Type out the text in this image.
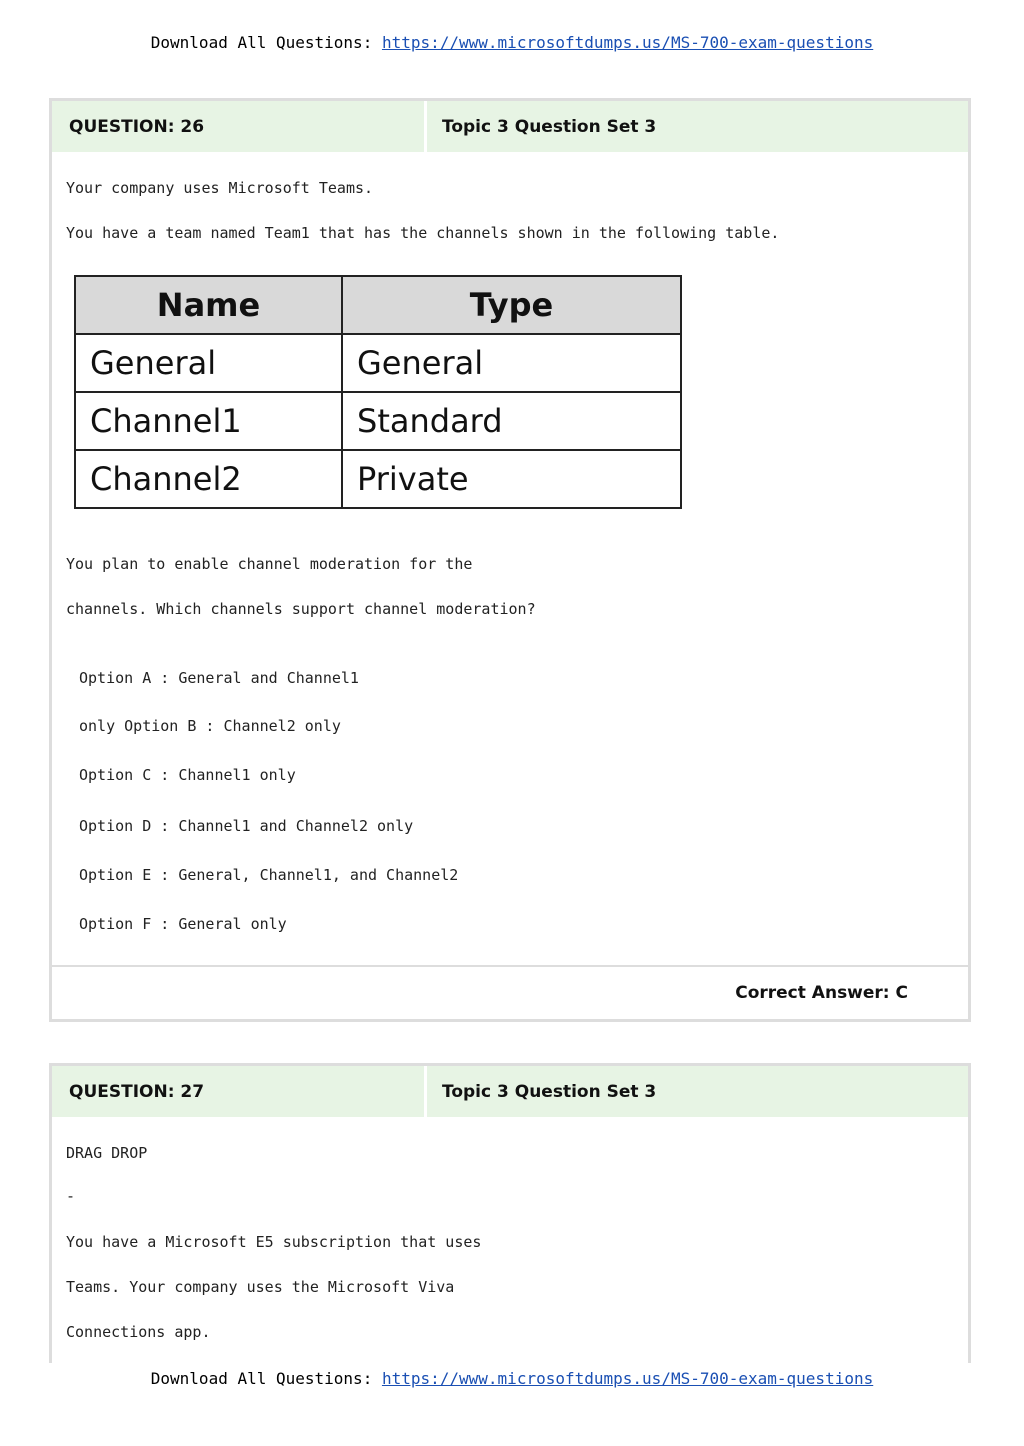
Download All Questions: https://www.microsoftdumps.us/MS-700-exam-questions
QUESTION: 26	Topic 3 Question Set 3
Your company uses Microsoft Teams.
You have a team named Team1 that has the channels shown in the following table.
Name	Type
General	General
Channel1	Standard
Channel2	Private
You plan to enable channel moderation for the
channels. Which channels support channel moderation?
Option A : General and Channel1
only Option B : Channel2 only
Option C : Channel1 only
Option D : Channel1 and Channel2 only
Option E : General, Channel1, and Channel2
Option F : General only
Correct Answer: C
QUESTION: 27	Topic 3 Question Set 3
DRAG DROP
-
You have a Microsoft E5 subscription that uses
Teams. Your company uses the Microsoft Viva
Connections app.
Download All Questions: https://www.microsoftdumps.us/MS-700-exam-questions
